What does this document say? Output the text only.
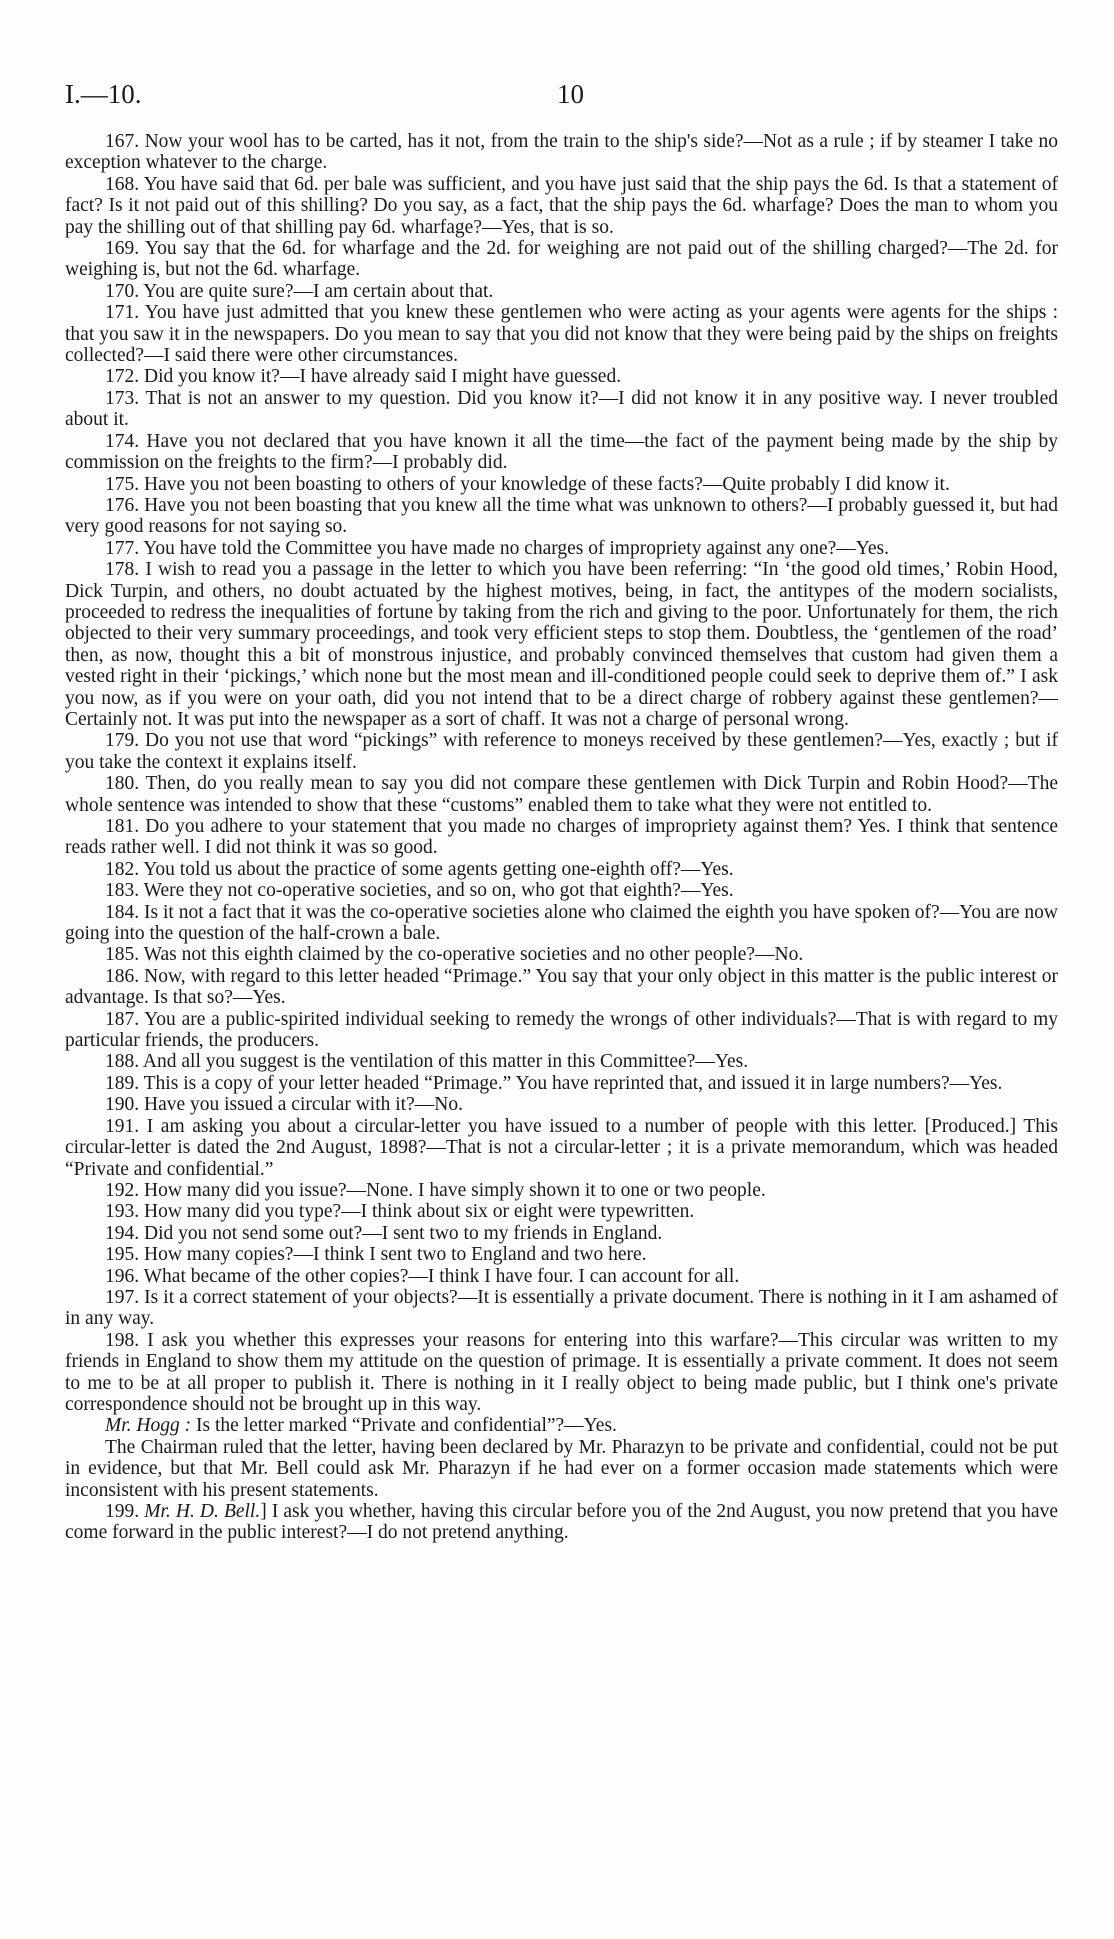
I.—10.	10

167. Now your wool has to be carted, has it not, from the train to the ship's side?—Not as a rule ; if by steamer I take no exception whatever to the charge.

168. You have said that 6d. per bale was sufficient, and you have just said that the ship pays the 6d. Is that a statement of fact? Is it not paid out of this shilling? Do you say, as a fact, that the ship pays the 6d. wharfage? Does the man to whom you pay the shilling out of that shilling pay 6d. wharfage?—Yes, that is so.

169. You say that the 6d. for wharfage and the 2d. for weighing are not paid out of the shilling charged?—The 2d. for weighing is, but not the 6d. wharfage.

170. You are quite sure?—I am certain about that.

171. You have just admitted that you knew these gentlemen who were acting as your agents were agents for the ships : that you saw it in the newspapers. Do you mean to say that you did not know that they were being paid by the ships on freights collected?—I said there were other circumstances.

172. Did you know it?—I have already said I might have guessed.

173. That is not an answer to my question. Did you know it?—I did not know it in any positive way. I never troubled about it.

174. Have you not declared that you have known it all the time—the fact of the payment being made by the ship by commission on the freights to the firm?—I probably did.

175. Have you not been boasting to others of your knowledge of these facts?—Quite probably I did know it.

176. Have you not been boasting that you knew all the time what was unknown to others?—I probably guessed it, but had very good reasons for not saying so.

177. You have told the Committee you have made no charges of impropriety against any one?—Yes.

178. I wish to read you a passage in the letter to which you have been referring: “In ‘the good old times,’ Robin Hood, Dick Turpin, and others, no doubt actuated by the highest motives, being, in fact, the antitypes of the modern socialists, proceeded to redress the inequalities of fortune by taking from the rich and giving to the poor. Unfortunately for them, the rich objected to their very summary proceedings, and took very efficient steps to stop them. Doubtless, the ‘gentlemen of the road’ then, as now, thought this a bit of monstrous injustice, and probably convinced themselves that custom had given them a vested right in their ‘pickings,’ which none but the most mean and ill-conditioned people could seek to deprive them of.” I ask you now, as if you were on your oath, did you not intend that to be a direct charge of robbery against these gentlemen?—Certainly not. It was put into the newspaper as a sort of chaff. It was not a charge of personal wrong.

179. Do you not use that word “pickings” with reference to moneys received by these gentlemen?—Yes, exactly ; but if you take the context it explains itself.

180. Then, do you really mean to say you did not compare these gentlemen with Dick Turpin and Robin Hood?—The whole sentence was intended to show that these “customs” enabled them to take what they were not entitled to.

181. Do you adhere to your statement that you made no charges of impropriety against them? Yes. I think that sentence reads rather well. I did not think it was so good.

182. You told us about the practice of some agents getting one-eighth off?—Yes.

183. Were they not co-operative societies, and so on, who got that eighth?—Yes.

184. Is it not a fact that it was the co-operative societies alone who claimed the eighth you have spoken of?—You are now going into the question of the half-crown a bale.

185. Was not this eighth claimed by the co-operative societies and no other people?—No.

186. Now, with regard to this letter headed “Primage.” You say that your only object in this matter is the public interest or advantage. Is that so?—Yes.

187. You are a public-spirited individual seeking to remedy the wrongs of other individuals?—That is with regard to my particular friends, the producers.

188. And all you suggest is the ventilation of this matter in this Committee?—Yes.

189. This is a copy of your letter headed “Primage.” You have reprinted that, and issued it in large numbers?—Yes.

190. Have you issued a circular with it?—No.

191. I am asking you about a circular-letter you have issued to a number of people with this letter. [Produced.] This circular-letter is dated the 2nd August, 1898?—That is not a circular-letter ; it is a private memorandum, which was headed “Private and confidential.”

192. How many did you issue?—None. I have simply shown it to one or two people.

193. How many did you type?—I think about six or eight were typewritten.

194. Did you not send some out?—I sent two to my friends in England.

195. How many copies?—I think I sent two to England and two here.

196. What became of the other copies?—I think I have four. I can account for all.

197. Is it a correct statement of your objects?—It is essentially a private document. There is nothing in it I am ashamed of in any way.

198. I ask you whether this expresses your reasons for entering into this warfare?—This circular was written to my friends in England to show them my attitude on the question of primage. It is essentially a private comment. It does not seem to me to be at all proper to publish it. There is nothing in it I really object to being made public, but I think one's private correspondence should not be brought up in this way.

Mr. Hogg : Is the letter marked “Private and confidential”?—Yes.

The Chairman ruled that the letter, having been declared by Mr. Pharazyn to be private and confidential, could not be put in evidence, but that Mr. Bell could ask Mr. Pharazyn if he had ever on a former occasion made statements which were inconsistent with his present statements.

199. Mr. H. D. Bell.] I ask you whether, having this circular before you of the 2nd August, you now pretend that you have come forward in the public interest?—I do not pretend anything.
